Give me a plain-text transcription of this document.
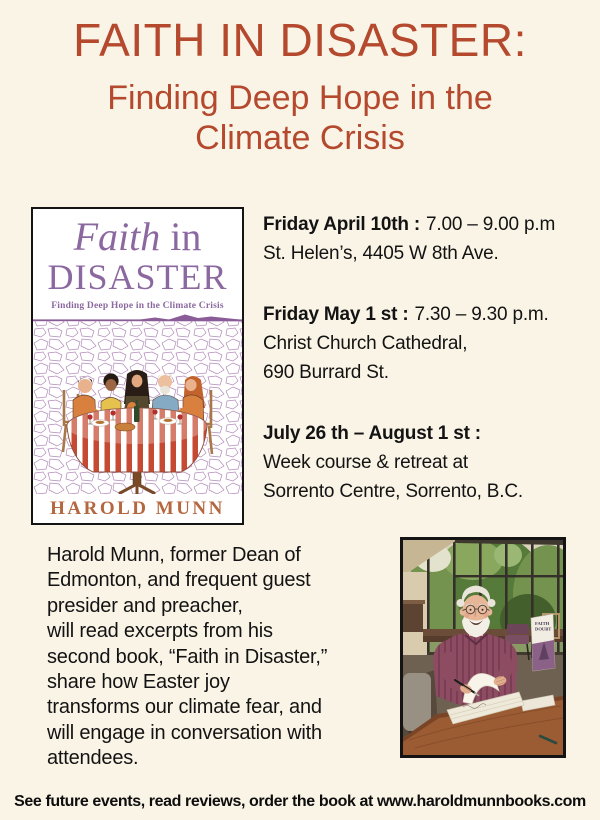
FAITH IN DISASTER:
Finding Deep Hope in the
Climate Crisis
Faith in
DISASTER
Finding Deep Hope in the Climate Crisis
HAROLD MUNN
Friday April 10th : 7.00 – 9.00 p.m
St. Helen’s, 4405 W 8th Ave.
Friday May 1 st : 7.30 – 9.30 p.m.
Christ Church Cathedral,
690 Burrard St.
July 26 th – August 1 st :
Week course & retreat at
Sorrento Centre, Sorrento, B.C.
Harold Munn, former Dean of
Edmonton, and frequent guest
presider and preacher,
will read excerpts from his
second book, “Faith in Disaster,”
share how Easter joy
transforms our climate fear, and
will engage in conversation with
attendees.
FAITH
DOUBT
See future events, read reviews, order the book at www.haroldmunnbooks.com
